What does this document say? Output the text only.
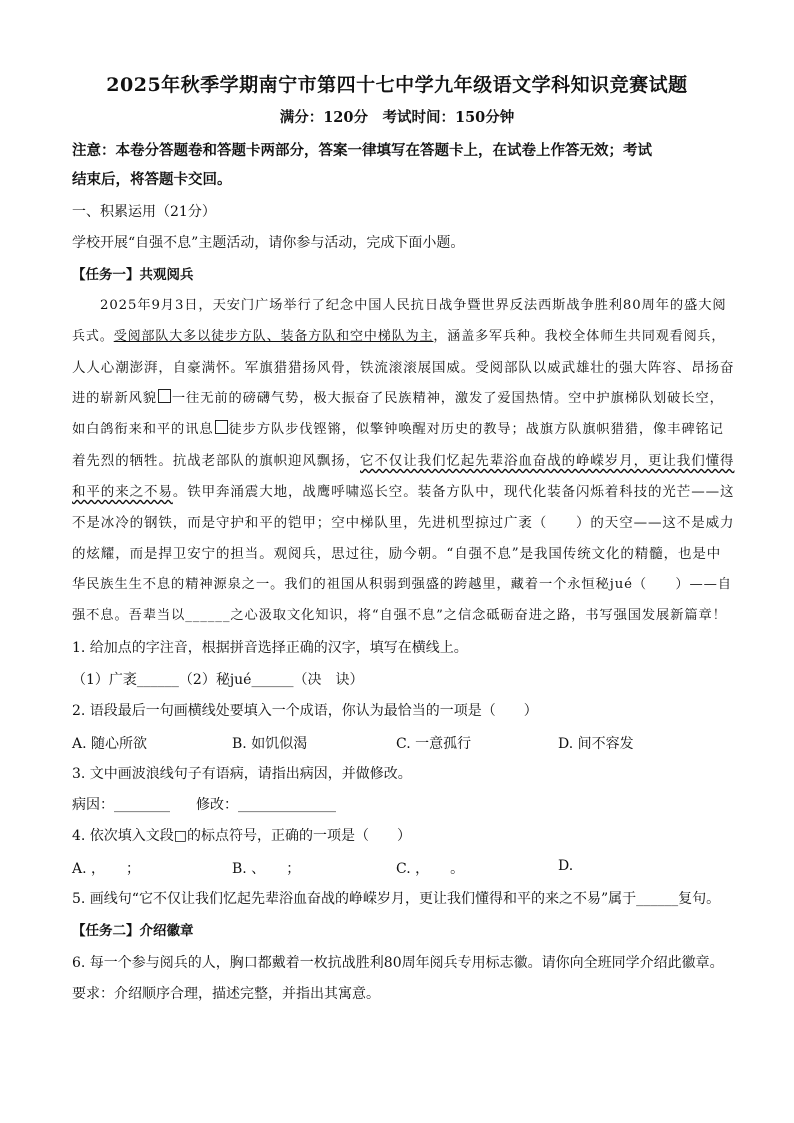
2025年秋季学期南宁市第四十七中学九年级语文学科知识竞赛试题
满分：120分　考试时间：150分钟
注意：本卷分答题卷和答题卡两部分，答案一律填写在答题卡上，在试卷上作答无效；考试
结束后，将答题卡交回。
一、积累运用（21分）
学校开展“自强不息”主题活动，请你参与活动，完成下面小题。
【任务一】共观阅兵
2025年9月3日，天安门广场举行了纪念中国人民抗日战争暨世界反法西斯战争胜利80周年的盛大阅
兵式。受阅部队大多以徒步方队、装备方队和空中梯队为主，涵盖多军兵种。我校全体师生共同观看阅兵，
人人心潮澎湃，自豪满怀。军旗猎猎扬风骨，铁流滚滚展国威。受阅部队以威武雄壮的强大阵容、昂扬奋
进的崭新风貌 一往无前的磅礴气势，极大振奋了民族精神，激发了爱国热情。空中护旗梯队划破长空，
如白鸽衔来和平的讯息 徒步方队步伐铿锵，似擎钟唤醒对历史的教导；战旗方队旗帜猎猎，像丰碑铭记
着先烈的牺牲。抗战老部队的旗帜迎风飘扬，它不仅让我们忆起先辈浴血奋战的峥嵘岁月，更让我们懂得
和平的来之不易。铁甲奔涌震大地，战鹰呼啸巡长空。装备方队中，现代化装备闪烁着科技的光芒——这
不是冰冷的钢铁，而是守护和平的铠甲；空中梯队里，先进机型掠过广袤（　　）的天空——这不是威力
的炫耀，而是捍卫安宁的担当。观阅兵，思过往，励今朝。“自强不息”是我国传统文化的精髓，也是中
华民族生生不息的精神源泉之一。我们的祖国从积弱到强盛的跨越里，藏着一个永恒秘jué（　　）——自
强不息。吾辈当以______之心汲取文化知识，将“自强不息”之信念砥砺奋进之路，书写强国发展新篇章！
1. 给加点的字注音，根据拼音选择正确的汉字，填写在横线上。
（1）广袤______（2）秘jué______（决　诀）
2. 语段最后一句画横线处要填入一个成语，你认为最恰当的一项是（　　）
A. 随心所欲	B. 如饥似渴	C. 一意孤行	D. 间不容发
3. 文中画波浪线句子有语病，请指出病因，并做修改。
病因：________ 修改：______________
4. 依次填入文段□的标点符号，正确的一项是（　　）
A. ，　　；	B. 、　　；	C. ，　　。	D.
5. 画线句“它不仅让我们忆起先辈浴血奋战的峥嵘岁月，更让我们懂得和平的来之不易”属于______复句。
【任务二】介绍徽章
6. 每一个参与阅兵的人，胸口都戴着一枚抗战胜利80周年阅兵专用标志徽。请你向全班同学介绍此徽章。
要求：介绍顺序合理，描述完整，并指出其寓意。
